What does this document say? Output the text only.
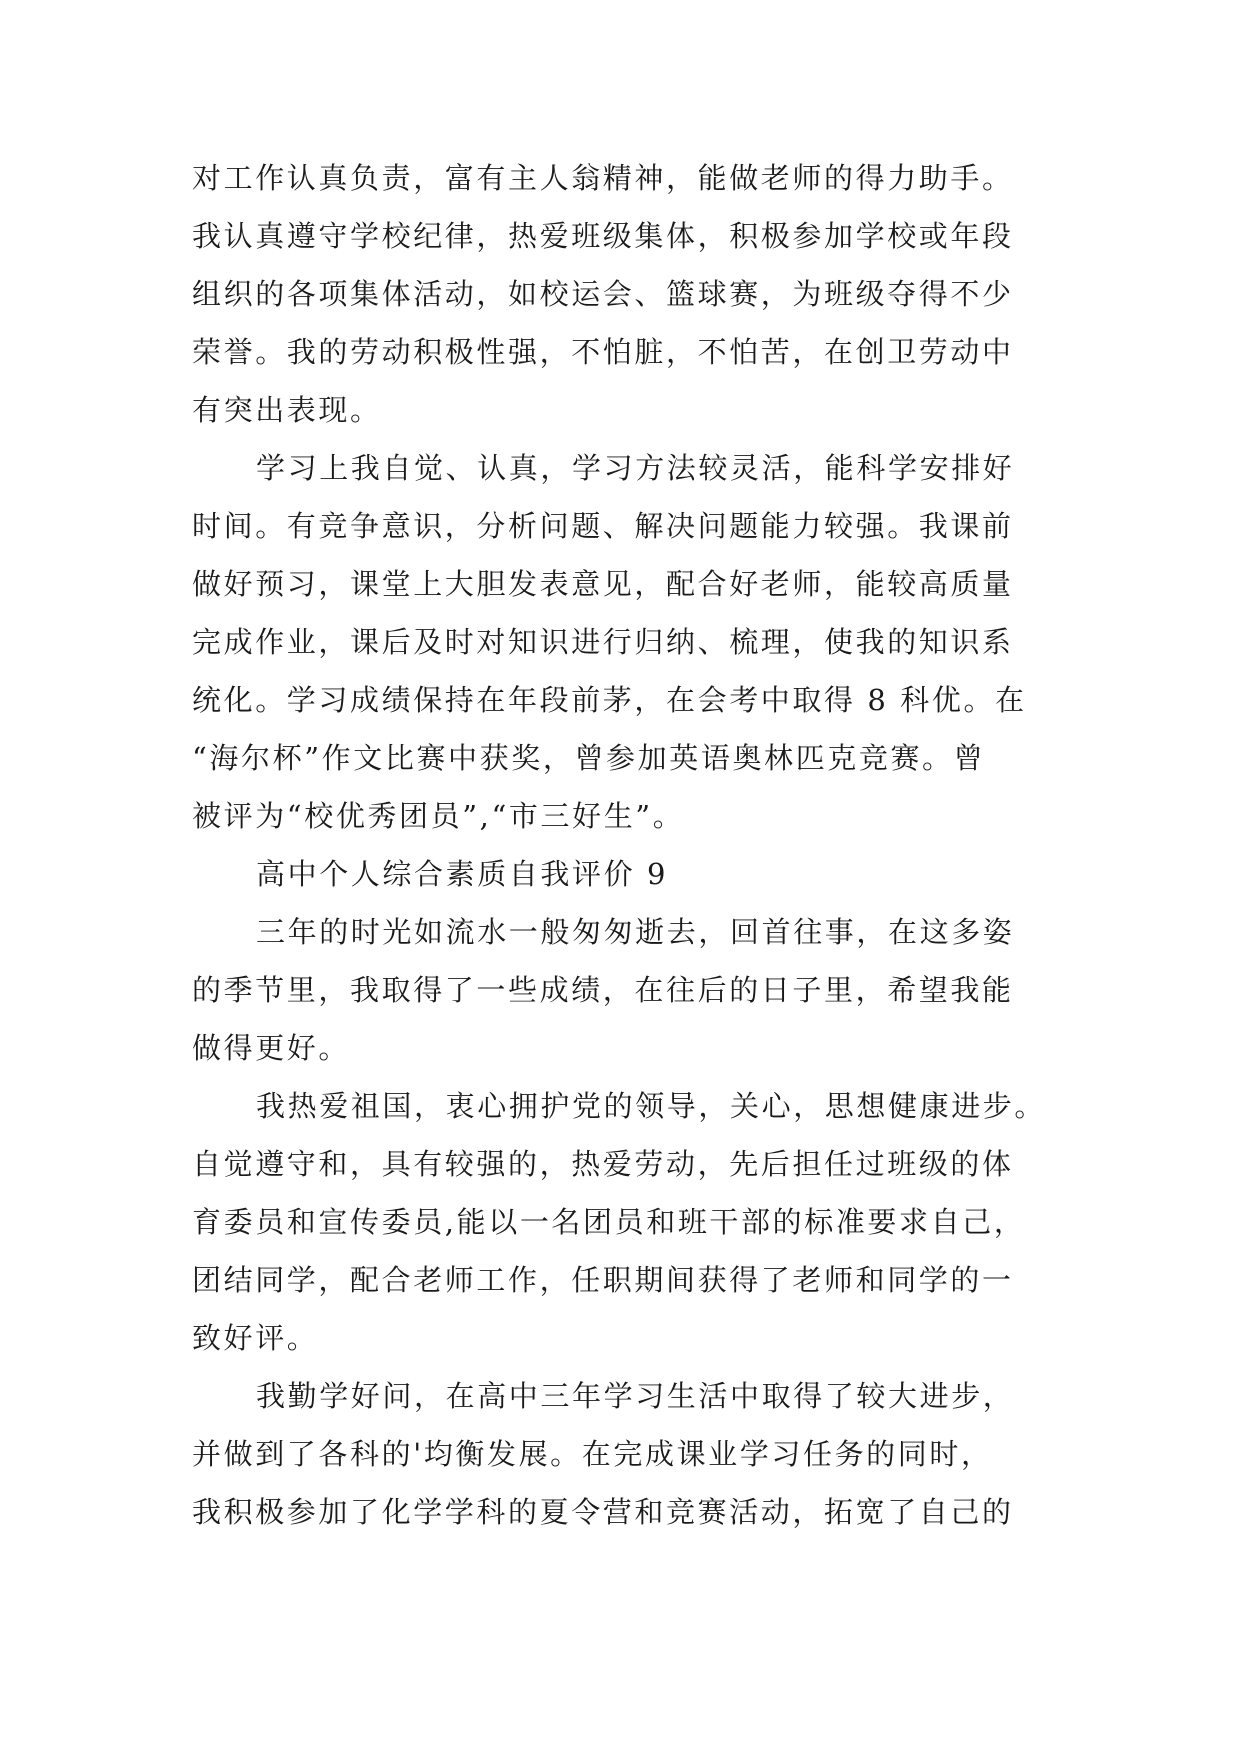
对工作认真负责，富有主人翁精神，能做老师的得力助手。
我认真遵守学校纪律，热爱班级集体，积极参加学校或年段
组织的各项集体活动，如校运会、篮球赛，为班级夺得不少
荣誉。我的劳动积极性强，不怕脏，不怕苦，在创卫劳动中
有突出表现。
学习上我自觉、认真，学习方法较灵活，能科学安排好
时间。有竞争意识，分析问题、解决问题能力较强。我课前
做好预习，课堂上大胆发表意见，配合好老师，能较高质量
完成作业，课后及时对知识进行归纳、梳理，使我的知识系
统化。学习成绩保持在年段前茅，在会考中取得 8 科优。在
“海尔杯”作文比赛中获奖，曾参加英语奥林匹克竞赛。曾
被评为“校优秀团员”,“市三好生”。
高中个人综合素质自我评价 9
三年的时光如流水一般匆匆逝去，回首往事，在这多姿
的季节里，我取得了一些成绩，在往后的日子里，希望我能
做得更好。
我热爱祖国，衷心拥护党的领导，关心，思想健康进步。
自觉遵守和，具有较强的，热爱劳动，先后担任过班级的体
育委员和宣传委员,能以一名团员和班干部的标准要求自己，
团结同学，配合老师工作，任职期间获得了老师和同学的一
致好评。
我勤学好问，在高中三年学习生活中取得了较大进步，
并做到了各科的'均衡发展。在完成课业学习任务的同时，
我积极参加了化学学科的夏令营和竞赛活动，拓宽了自己的
